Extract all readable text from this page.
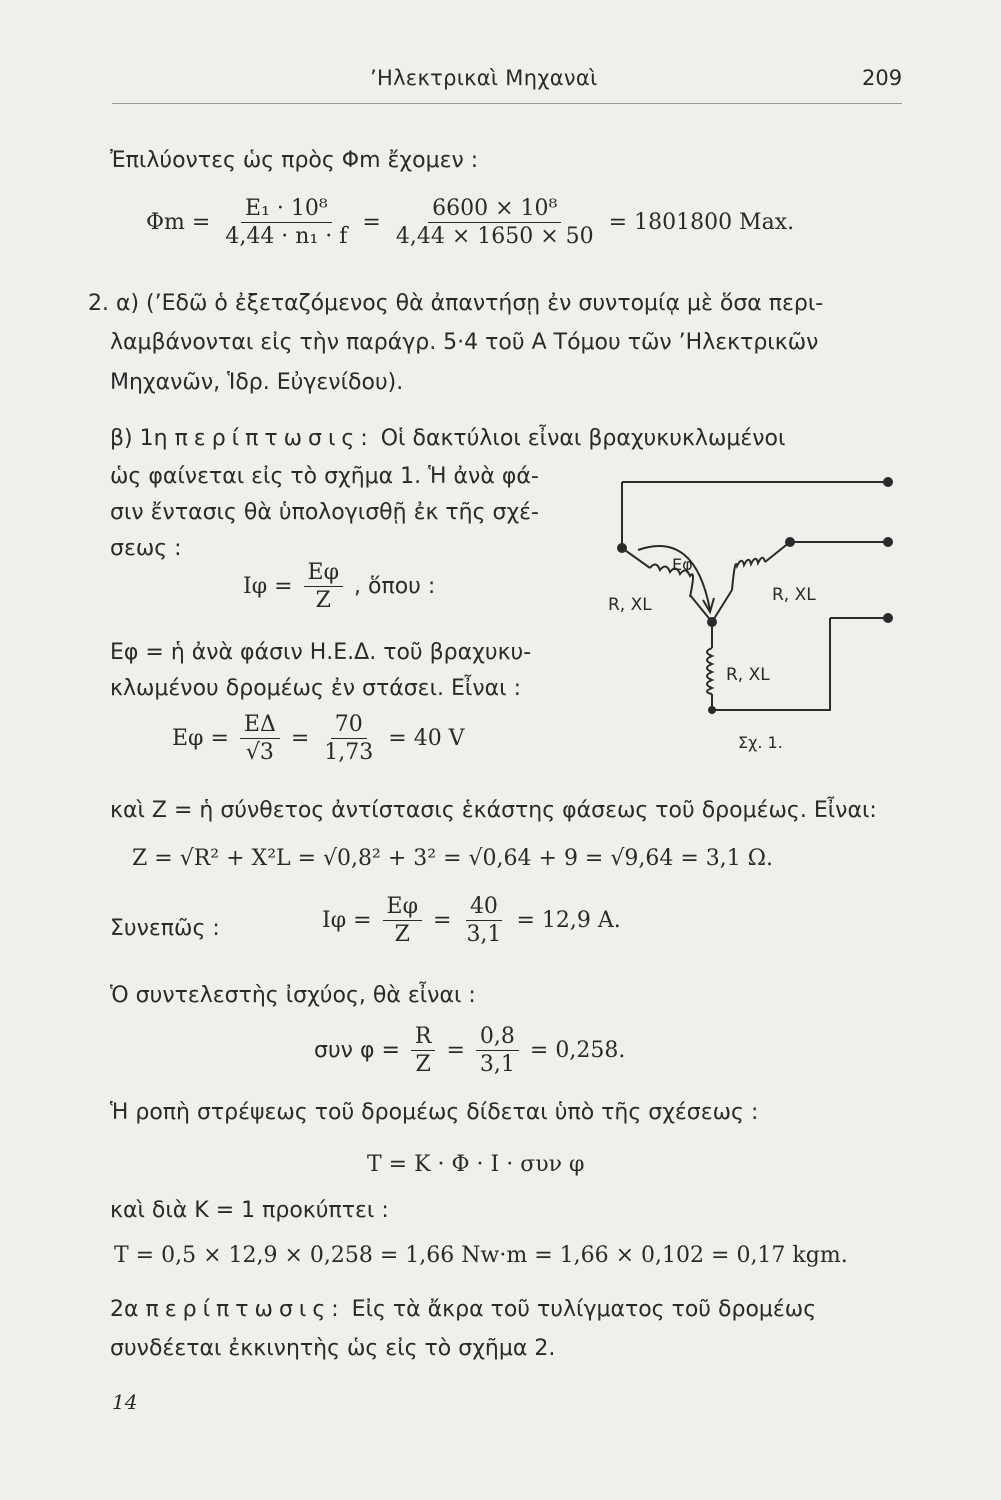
’Ηλεκτρικαὶ Μηχαναὶ	209
Ἐπιλύοντες ὡς πρὸς Φm ἔχομεν :
$\Phi m = \frac{\text{E₁ · 10⁸}}{\text{4,44 · n₁ · f}} = \frac{\text{6600 × 10⁸}}{4,44 \times 1650 \times 50} = 1801800$ Max.
2. α) (’Εδῶ ὁ ἐξεταζόμενος θὰ ἀπαντήσῃ ἐν συντομίᾳ μὲ ὅσα περι-
λαμβάνονται εἰς τὴν παράγρ. 5·4 τοῦ Α Τόμου τῶν ’Ηλεκτρικῶν
Μηχανῶν, Ἱδρ. Εὐγενίδου).
β) 1η περίπτωσις: Οἱ δακτύλιοι εἶναι βραχυκυκλωμένοι
ὡς φαίνεται εἰς τὸ σχῆμα 1. Ἡ ἀνὰ φά-
σιν ἔντασις θὰ ὑπολογισθῇ ἐκ τῆς σχέ-
σεως :
$I\varphi = \frac{E\varphi}{Z}$ , ὅπου :
Eφ = ἡ ἀνὰ φάσιν Η.Ε.Δ. τοῦ βραχυκυ-
κλωμένου δρομέως ἐν στάσει. Εἶναι :
$E\varphi = \frac{E\Delta}{√3} = \frac{70}{1,73} = 40$ V
καὶ Z = ἡ σύνθετος ἀντίστασις ἑκάστης φάσεως τοῦ δρομέως. Εἶναι:
Z = √R² + X²L = √0,8² + 3² = √0,64 + 9 = √9,64 = 3,1 Ω.
Συνεπῶς :	$I\varphi = \frac{E\varphi}{Z} = \frac{40}{3,1} = 12,9$ A.
Ὁ συντελεστὴς ἰσχύος, θὰ εἶναι :
συν $\varphi = \frac{R}{Z} = \frac{0,8}{3,1} = 0,258$.
Ἡ ροπὴ στρέψεως τοῦ δρομέως δίδεται ὑπὸ τῆς σχέσεως :
T = K · Φ · I · συν φ
καὶ διὰ K = 1 προκύπτει :
T = 0,5 × 12,9 × 0,258 = 1,66 Nw·m = 1,66 × 0,102 = 0,17 kgm.
2α περίπτωσις: Εἰς τὰ ἄκρα τοῦ τυλίγματος τοῦ δρομέως
συνδέεται ἐκκινητὴς ὡς εἰς τὸ σχῆμα 2.
14
Eφ
R, XL	R, XL
R, XL
Σχ. 1.
